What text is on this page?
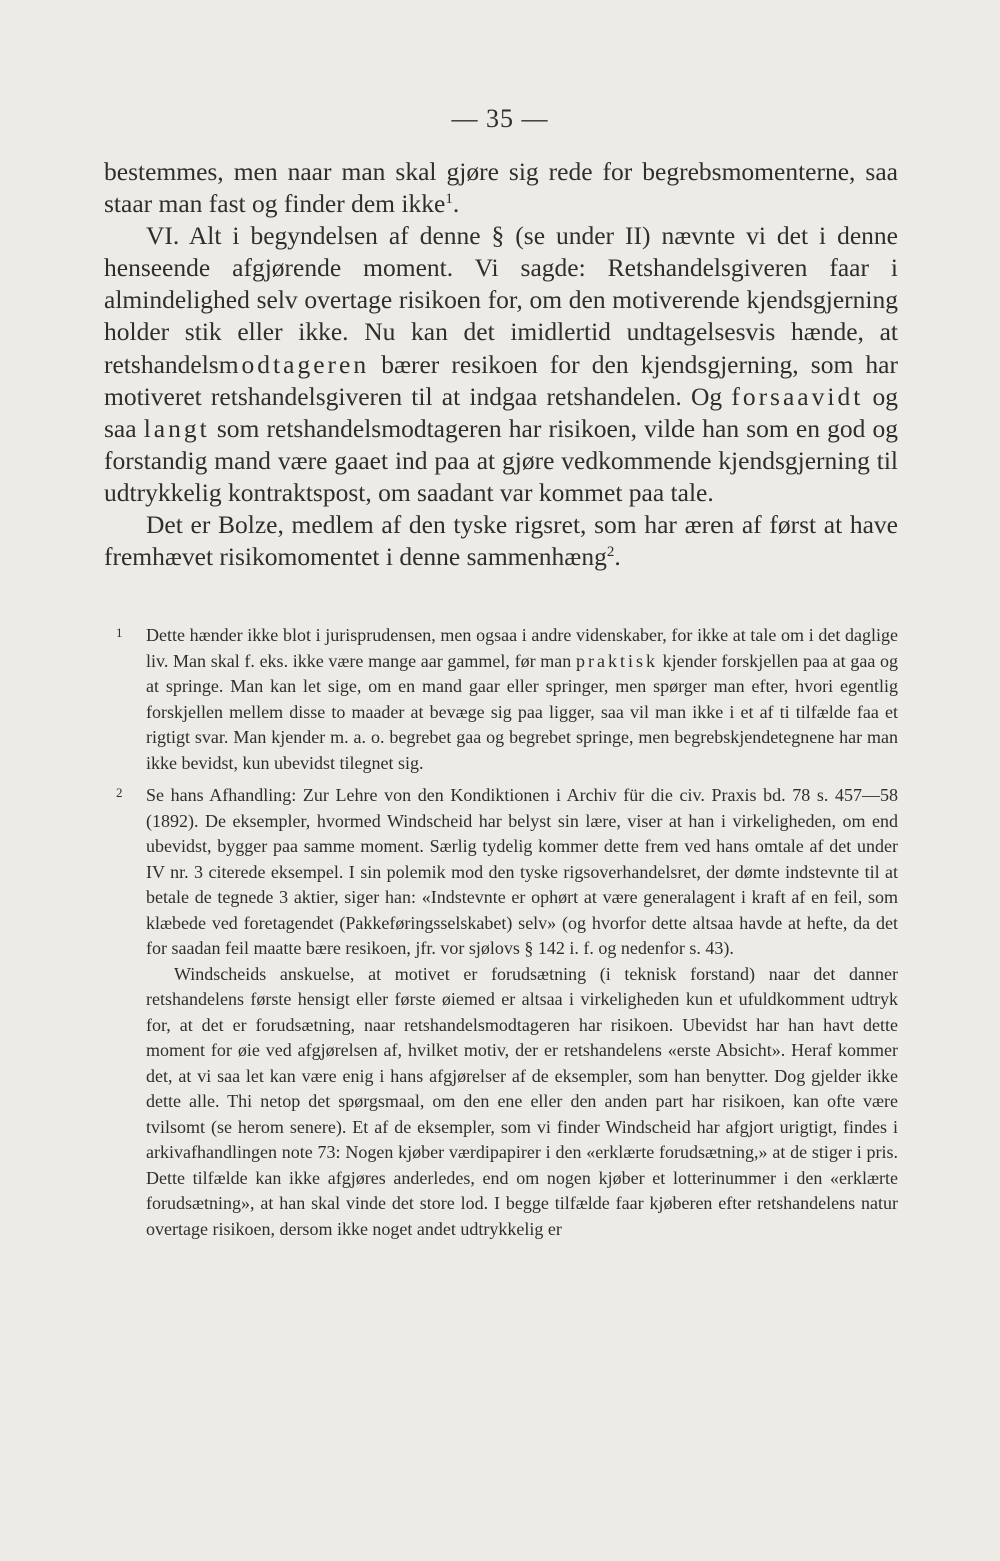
— 35 —

bestemmes, men naar man skal gjøre sig rede for begrebsmomenterne, saa staar man fast og finder dem ikke$^1$.

VI. Alt i begyndelsen af denne § (se under II) nævnte vi det i denne henseende afgjørende moment. Vi sagde: Retshandelsgiveren faar i almindelighed selv overtage risikoen for, om den motiverende kjendsgjerning holder stik eller ikke. Nu kan det imidlertid undtagelsesvis hænde, at retshandelsmodtageren bærer resikoen for den kjendsgjerning, som har motiveret retshandelsgiveren til at indgaa retshandelen. Og forsaavidt og saa langt som retshandelsmodtageren har risikoen, vilde han som en god og forstandig mand være gaaet ind paa at gjøre vedkommende kjendsgjerning til udtrykkelig kontraktspost, om saadant var kommet paa tale.

Det er Bolze, medlem af den tyske rigsret, som har æren af først at have fremhævet risikomomentet i denne sammenhæng$^2$.

1 Dette hænder ikke blot i jurisprudensen, men ogsaa i andre videnskaber, for ikke at tale om i det daglige liv. Man skal f. eks. ikke være mange aar gammel, før man praktisk kjender forskjellen paa at gaa og at springe. Man kan let sige, om en mand gaar eller springer, men spørger man efter, hvori egentlig forskjellen mellem disse to maader at bevæge sig paa ligger, saa vil man ikke i et af ti tilfælde faa et rigtigt svar. Man kjender m. a. o. begrebet gaa og begrebet springe, men begrebskjendetegnene har man ikke bevidst, kun ubevidst tilegnet sig.

2 Se hans Afhandling: Zur Lehre von den Kondiktionen i Archiv für die civ. Praxis bd. 78 s. 457—58 (1892). De eksempler, hvormed Windscheid har belyst sin lære, viser at han i virkeligheden, om end ubevidst, bygger paa samme moment. Særlig tydelig kommer dette frem ved hans omtale af det under IV nr. 3 citerede eksempel. I sin polemik mod den tyske rigsoverhandelsret, der dømte indstevnte til at betale de tegnede 3 aktier, siger han: «Indstevnte er ophørt at være generalagent i kraft af en feil, som klæbede ved foretagendet (Pakkeføringsselskabet) selv» (og hvorfor dette altsaa havde at hefte, da det for saadan feil maatte bære resikoen, jfr. vor sjølovs § 142 i. f. og nedenfor s. 43).

Windscheids anskuelse, at motivet er forudsætning (i teknisk forstand) naar det danner retshandelens første hensigt eller første øiemed er altsaa i virkeligheden kun et ufuldkomment udtryk for, at det er forudsætning, naar retshandelsmodtageren har risikoen. Ubevidst har han havt dette moment for øie ved afgjørelsen af, hvilket motiv, der er retshandelens «erste Absicht». Heraf kommer det, at vi saa let kan være enig i hans afgjørelser af de eksempler, som han benytter. Dog gjelder ikke dette alle. Thi netop det spørgsmaal, om den ene eller den anden part har risikoen, kan ofte være tvilsomt (se herom senere). Et af de eksempler, som vi finder Windscheid har afgjort urigtigt, findes i arkivafhandlingen note 73: Nogen kjøber værdipapirer i den «erklærte forudsætning,» at de stiger i pris. Dette tilfælde kan ikke afgjøres anderledes, end om nogen kjøber et lotterinummer i den «erklærte forudsætning», at han skal vinde det store lod. I begge tilfælde faar kjøberen efter retshandelens natur overtage risikoen, dersom ikke noget andet udtrykkelig er
